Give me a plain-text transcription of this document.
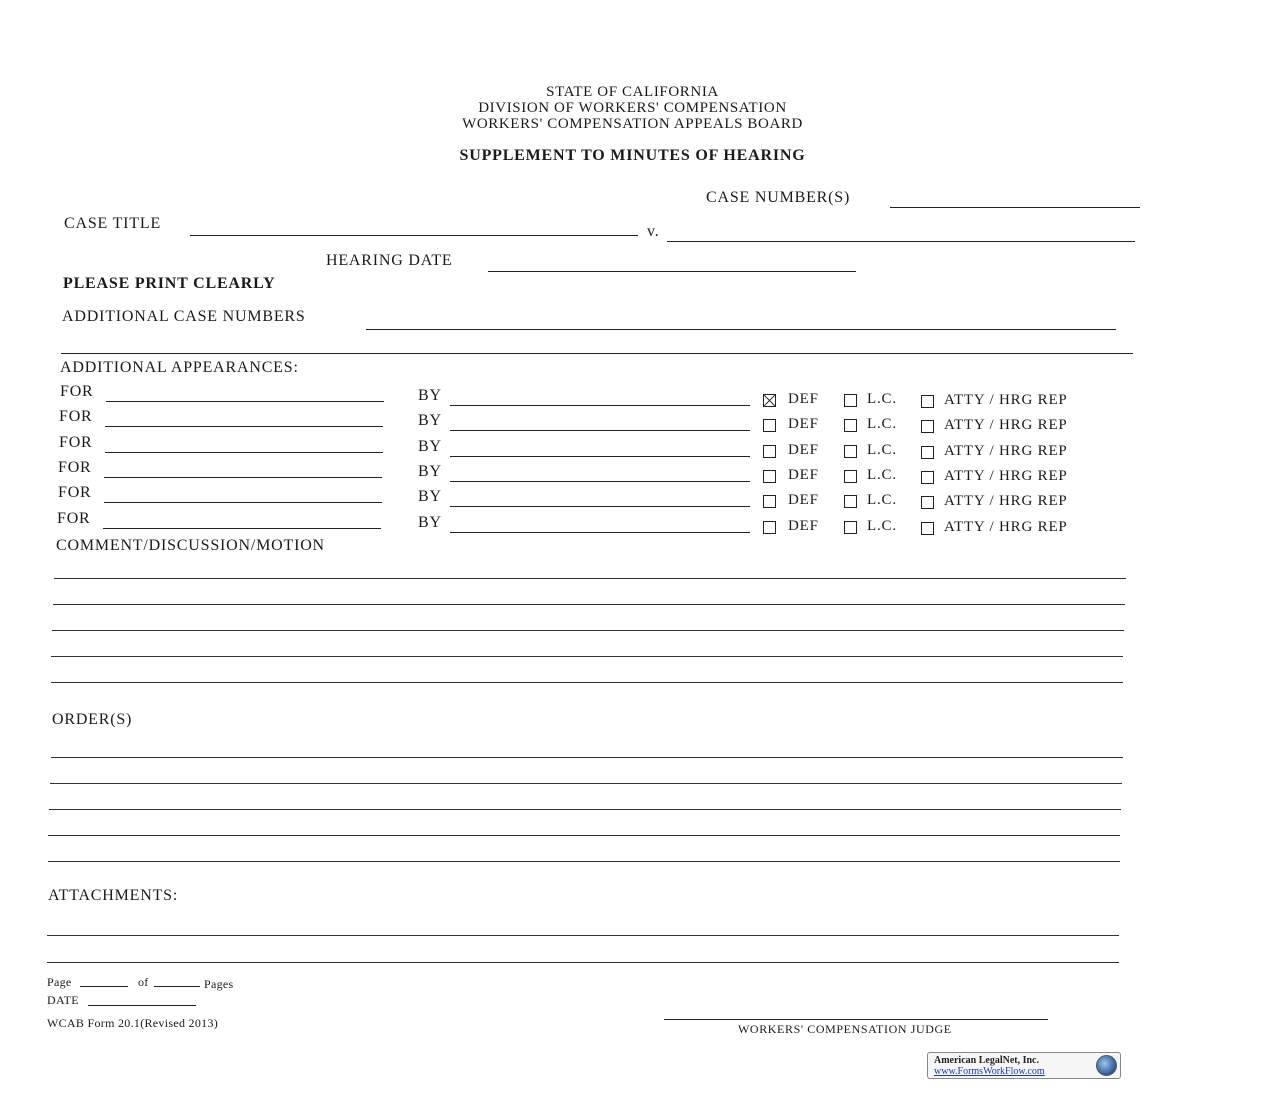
STATE OF CALIFORNIA
DIVISION OF WORKERS' COMPENSATION
WORKERS' COMPENSATION APPEALS BOARD
SUPPLEMENT TO MINUTES OF HEARING
CASE NUMBER(S)
CASE TITLE	v.
HEARING DATE
PLEASE PRINT CLEARLY
ADDITIONAL CASE NUMBERS
ADDITIONAL APPEARANCES:
FOR	BY	DEF	L.C.	ATTY / HRG REP
FOR	BY	DEF	L.C.	ATTY / HRG REP
FOR	BY	DEF	L.C.	ATTY / HRG REP
FOR	BY	DEF	L.C.	ATTY / HRG REP
FOR	BY	DEF	L.C.	ATTY / HRG REP
FOR	BY	DEF	L.C.	ATTY / HRG REP
COMMENT/DISCUSSION/MOTION
ORDER(S)
ATTACHMENTS:
Page	of	Pages
DATE
WCAB Form 20.1(Revised 2013)	WORKERS' COMPENSATION JUDGE
American LegalNet, Inc.
www.FormsWorkFlow.com
